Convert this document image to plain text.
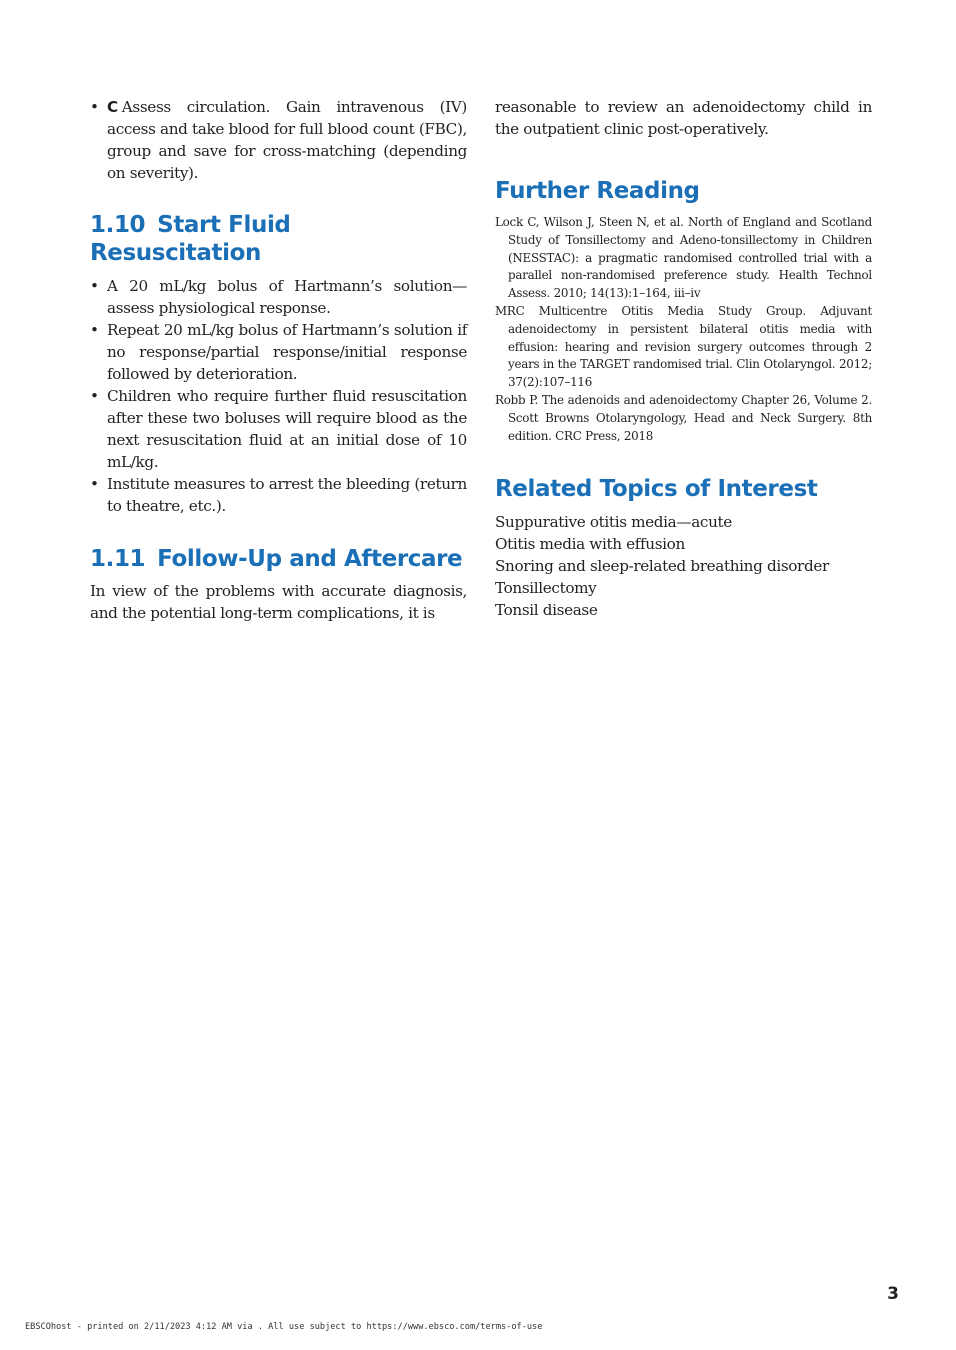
• C Assess circulation. Gain intravenous (IV) access and take blood for full blood count (FBC), group and save for cross-matching (depending on severity).
1.10 Start Fluid Resuscitation
• A 20 mL/kg bolus of Hartmann’s solution—assess physiological response.
• Repeat 20 mL/kg bolus of Hartmann’s solution if no response/partial response/initial response followed by deterioration.
• Children who require further fluid resuscitation after these two boluses will require blood as the next resuscitation fluid at an initial dose of 10 mL/kg.
• Institute measures to arrest the bleeding (return to theatre, etc.).
1.11 Follow-Up and Aftercare

In view of the problems with accurate diagnosis, and the potential long-term complications, it is

reasonable to review an adenoidectomy child in the outpatient clinic post-operatively.

Further Reading
Lock C, Wilson J, Steen N, et al. North of England and Scotland Study of Tonsillectomy and Adeno-tonsillectomy in Children (NESSTAC): a pragmatic randomised controlled trial with a parallel non-randomised preference study. Health Technol Assess. 2010; 14(13):1–164, iii–iv
MRC Multicentre Otitis Media Study Group. Adjuvant adenoidectomy in persistent bilateral otitis media with effusion: hearing and revision surgery outcomes through 2 years in the TARGET randomised trial. Clin Otolaryngol. 2012; 37(2):107–116
Robb P. The adenoids and adenoidectomy Chapter 26, Volume 2. Scott Browns Otolaryngology, Head and Neck Surgery. 8th edition. CRC Press, 2018
Related Topics of Interest
Suppurative otitis media—acute
Otitis media with effusion
Snoring and sleep-related breathing disorder
Tonsillectomy
Tonsil disease
3
EBSCOhost - printed on 2/11/2023 4:12 AM via . All use subject to https://www.ebsco.com/terms-of-use
